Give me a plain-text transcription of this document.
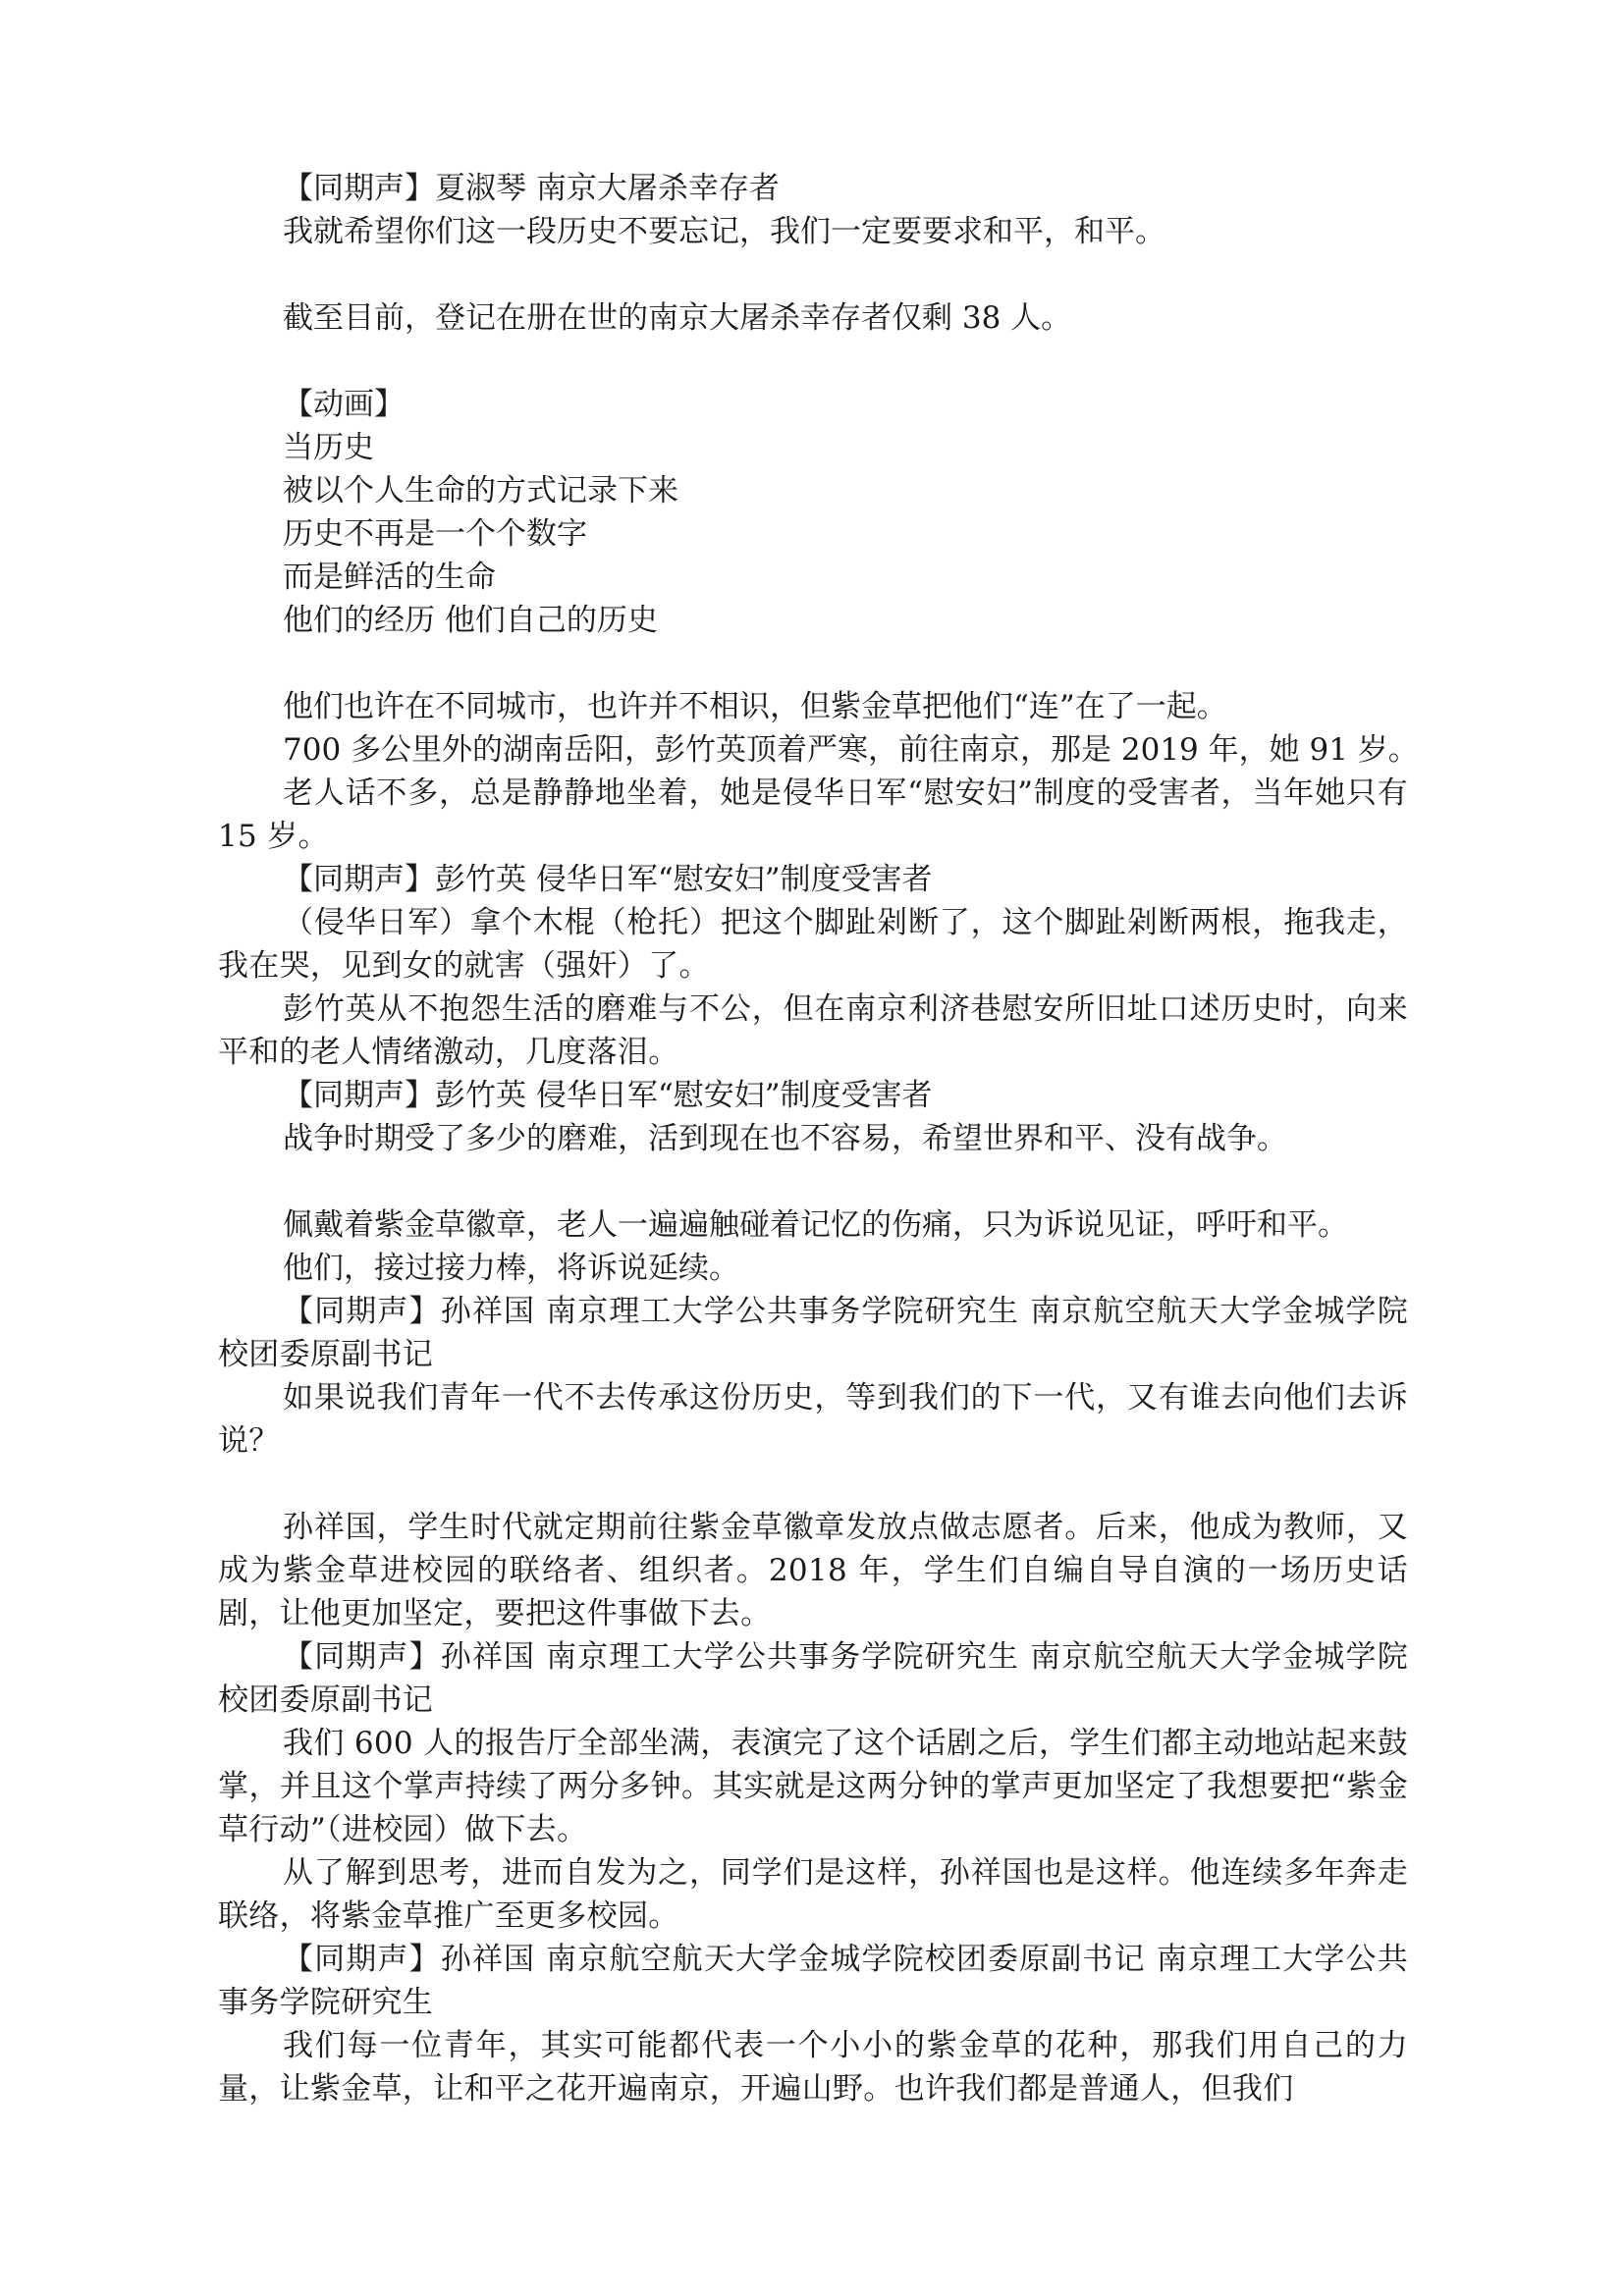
【同期声】夏淑琴 南京大屠杀幸存者

我就希望你们这一段历史不要忘记，我们一定要要求和平，和平。

截至目前，登记在册在世的南京大屠杀幸存者仅剩 38 人。

【动画】

当历史

被以个人生命的方式记录下来

历史不再是一个个数字

而是鲜活的生命

他们的经历 他们自己的历史

他们也许在不同城市，也许并不相识，但紫金草把他们“连”在了一起。

700 多公里外的湖南岳阳，彭竹英顶着严寒，前往南京，那是 2019 年，她 91 岁。

老人话不多，总是静静地坐着，她是侵华日军“慰安妇”制度的受害者，当年她只有 15 岁。

【同期声】彭竹英 侵华日军“慰安妇”制度受害者

（侵华日军）拿个木棍（枪托）把这个脚趾剁断了，这个脚趾剁断两根，拖我走，我在哭，见到女的就害（强奸）了。

彭竹英从不抱怨生活的磨难与不公，但在南京利济巷慰安所旧址口述历史时，向来平和的老人情绪激动，几度落泪。

【同期声】彭竹英 侵华日军“慰安妇”制度受害者

战争时期受了多少的磨难，活到现在也不容易，希望世界和平、没有战争。

佩戴着紫金草徽章，老人一遍遍触碰着记忆的伤痛，只为诉说见证，呼吁和平。

他们，接过接力棒，将诉说延续。

【同期声】孙祥国 南京理工大学公共事务学院研究生 南京航空航天大学金城学院校团委原副书记

如果说我们青年一代不去传承这份历史，等到我们的下一代，又有谁去向他们去诉说？

孙祥国，学生时代就定期前往紫金草徽章发放点做志愿者。后来，他成为教师，又成为紫金草进校园的联络者、组织者。2018 年，学生们自编自导自演的一场历史话剧，让他更加坚定，要把这件事做下去。

【同期声】孙祥国 南京理工大学公共事务学院研究生 南京航空航天大学金城学院校团委原副书记

我们 600 人的报告厅全部坐满，表演完了这个话剧之后，学生们都主动地站起来鼓掌，并且这个掌声持续了两分多钟。其实就是这两分钟的掌声更加坚定了我想要把“紫金草行动”（进校园）做下去。

从了解到思考，进而自发为之，同学们是这样，孙祥国也是这样。他连续多年奔走联络，将紫金草推广至更多校园。

【同期声】孙祥国 南京航空航天大学金城学院校团委原副书记 南京理工大学公共事务学院研究生

我们每一位青年，其实可能都代表一个小小的紫金草的花种，那我们用自己的力量，让紫金草，让和平之花开遍南京，开遍山野。也许我们都是普通人，但我们
